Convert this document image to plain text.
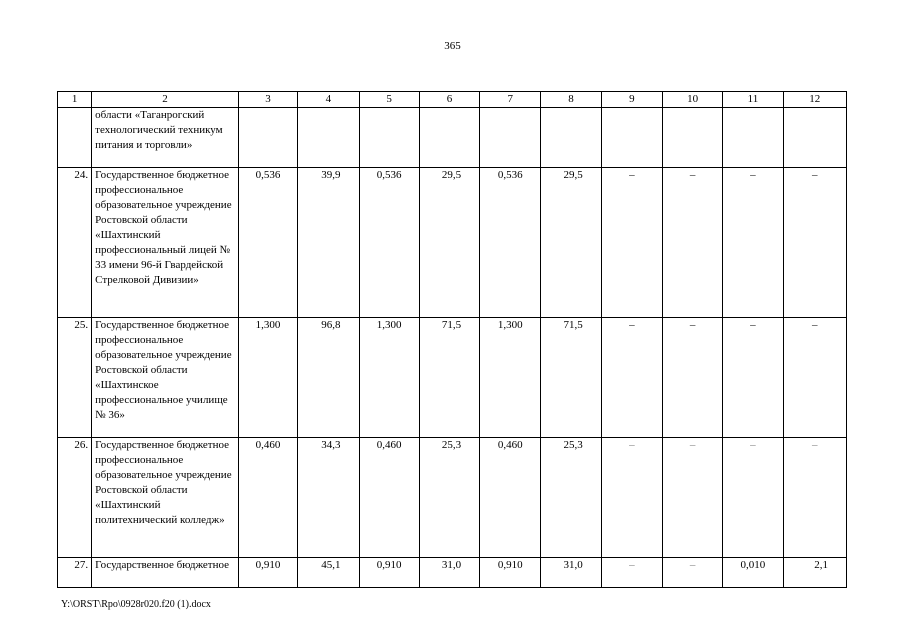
365
1	2	3	4	5	6	7	8	9	10	11	12
	области «Таганрогский технологический техникум питания и торговли»										
24.	Государственное бюджетное профессиональное образовательное учреждение Ростовской области «Шахтинский профессиональный лицей № 33 имени 96-й Гвардейской Стрелковой Дивизии»	0,536	39,9	0,536	29,5	0,536	29,5	–	–	–	–
25.	Государственное бюджетное профессиональное образовательное учреждение Ростовской области «Шахтинское профессиональное училище № 36»	1,300	96,8	1,300	71,5	1,300	71,5	–	–	–	–
26.	Государственное бюджетное профессиональное образовательное учреждение Ростовской области «Шахтинский политехнический колледж»	0,460	34,3	0,460	25,3	0,460	25,3	–	–	–	–
27.	Государственное бюджетное	0,910	45,1	0,910	31,0	0,910	31,0	–	–	0,010	2,1
Y:\ORST\Rpo\0928r020.f20 (1).docx
